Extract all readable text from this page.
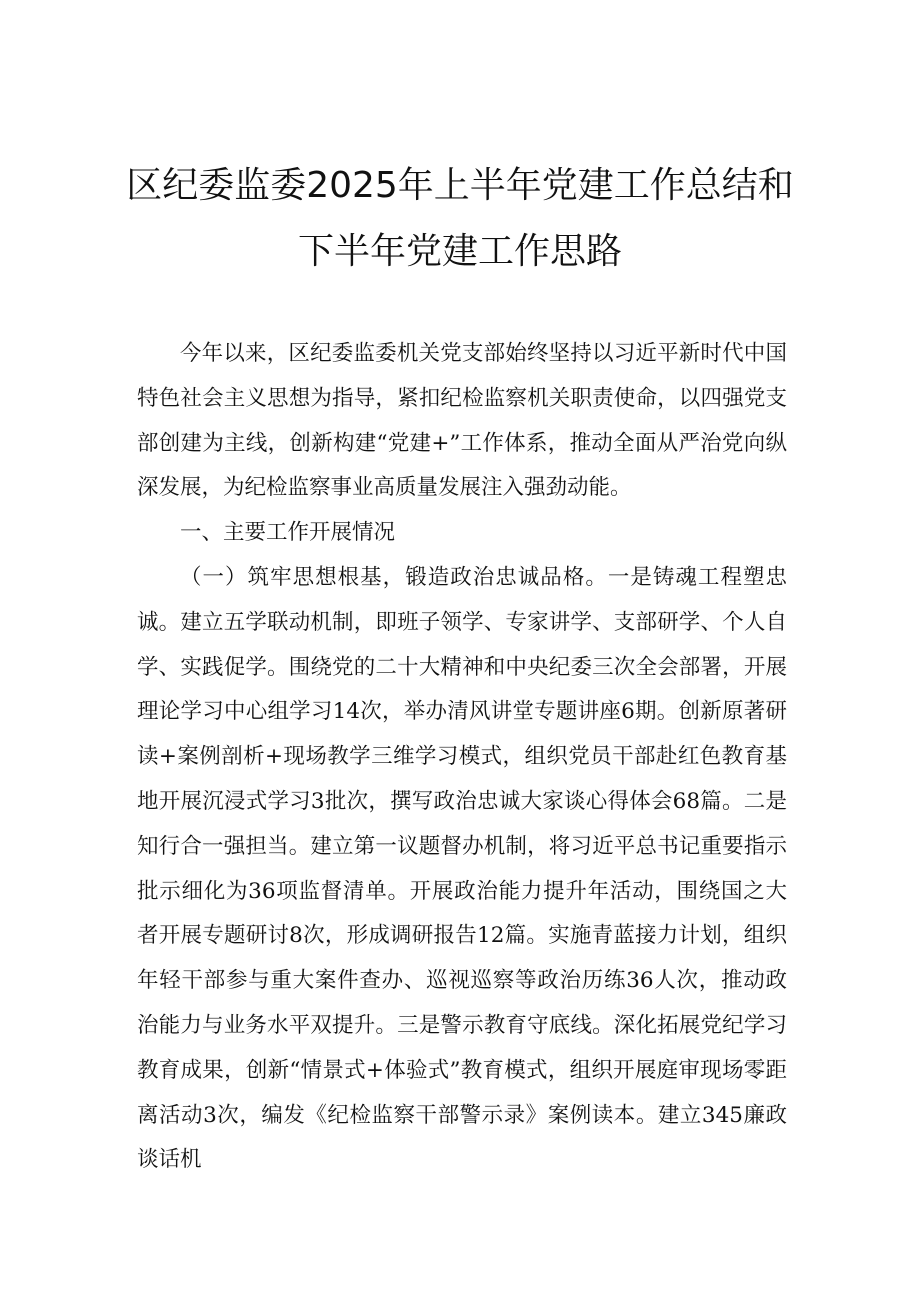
区纪委监委2025年上半年党建工作总结和
下半年党建工作思路

今年以来，区纪委监委机关党支部始终坚持以习近平新时代中国特色社会主义思想为指导，紧扣纪检监察机关职责使命，以四强党支部创建为主线，创新构建“党建+”工作体系，推动全面从严治党向纵深发展，为纪检监察事业高质量发展注入强劲动能。

一、主要工作开展情况

（一）筑牢思想根基，锻造政治忠诚品格。一是铸魂工程塑忠诚。建立五学联动机制，即班子领学、专家讲学、支部研学、个人自学、实践促学。围绕党的二十大精神和中央纪委三次全会部署，开展理论学习中心组学习14次，举办清风讲堂专题讲座6期。创新原著研读+案例剖析+现场教学三维学习模式，组织党员干部赴红色教育基地开展沉浸式学习3批次，撰写政治忠诚大家谈心得体会68篇。二是知行合一强担当。建立第一议题督办机制，将习近平总书记重要指示批示细化为36项监督清单。开展政治能力提升年活动，围绕国之大者开展专题研讨8次，形成调研报告12篇。实施青蓝接力计划，组织年轻干部参与重大案件查办、巡视巡察等政治历练36人次，推动政治能力与业务水平双提升。三是警示教育守底线。深化拓展党纪学习教育成果，创新“情景式+体验式”教育模式，组织开展庭审现场零距离活动3次，编发《纪检监察干部警示录》案例读本。建立345廉政谈话机
